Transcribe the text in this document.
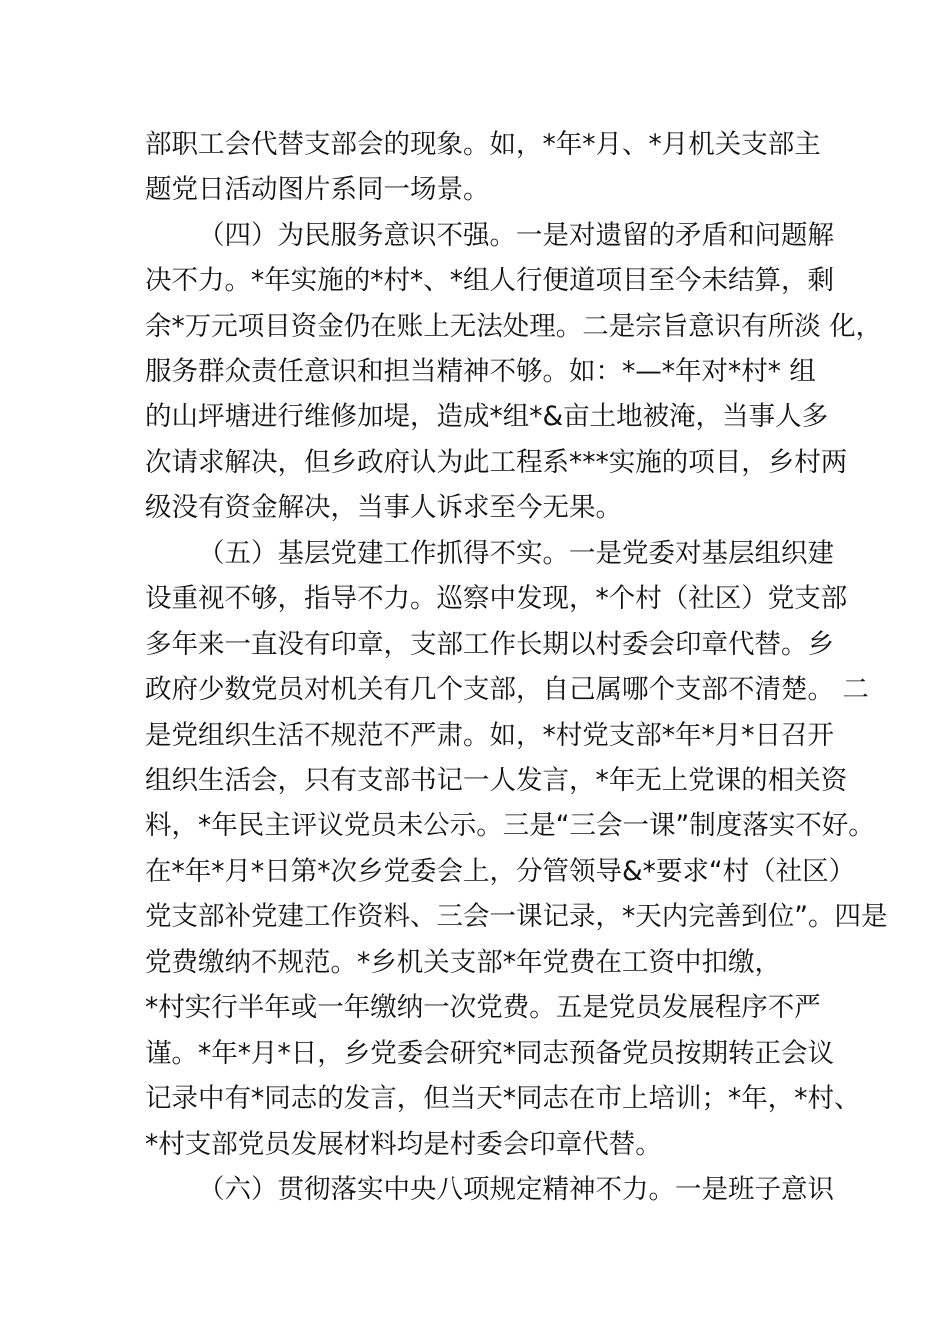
部职工会代替支部会的现象。如，*年*月、*月机关支部主

题党日活动图片系同一场景。

（四）为民服务意识不强。一是对遗留的矛盾和问题解

决不力。*年实施的*村*、*组人行便道项目至今未结算，剩

余*万元项目资金仍在账上无法处理。二是宗旨意识有所淡 化，

服务群众责任意识和担当精神不够。如：*—*年对*村* 组

的山坪塘进行维修加堤，造成*组*&亩土地被淹，当事人多

次请求解决，但乡政府认为此工程系***实施的项目，乡村两

级没有资金解决，当事人诉求至今无果。

（五）基层党建工作抓得不实。一是党委对基层组织建

设重视不够，指导不力。巡察中发现，*个村（社区）党支部

多年来一直没有印章，支部工作长期以村委会印章代替。乡

政府少数党员对机关有几个支部，自己属哪个支部不清楚。 二

是党组织生活不规范不严肃。如，*村党支部*年*月*日召开

组织生活会，只有支部书记一人发言，*年无上党课的相关资

料，*年民主评议党员未公示。三是“三会一课”制度落实不好。

在*年*月*日第*次乡党委会上，分管领导&*要求“村（社区）

党支部补党建工作资料、三会一课记录，*天内完善到位”。四是

党费缴纳不规范。*乡机关支部*年党费在工资中扣缴，

*村实行半年或一年缴纳一次党费。五是党员发展程序不严

谨。*年*月*日，乡党委会研究*同志预备党员按期转正会议

记录中有*同志的发言，但当天*同志在市上培训；*年，*村、

*村支部党员发展材料均是村委会印章代替。

（六）贯彻落实中央八项规定精神不力。一是班子意识
